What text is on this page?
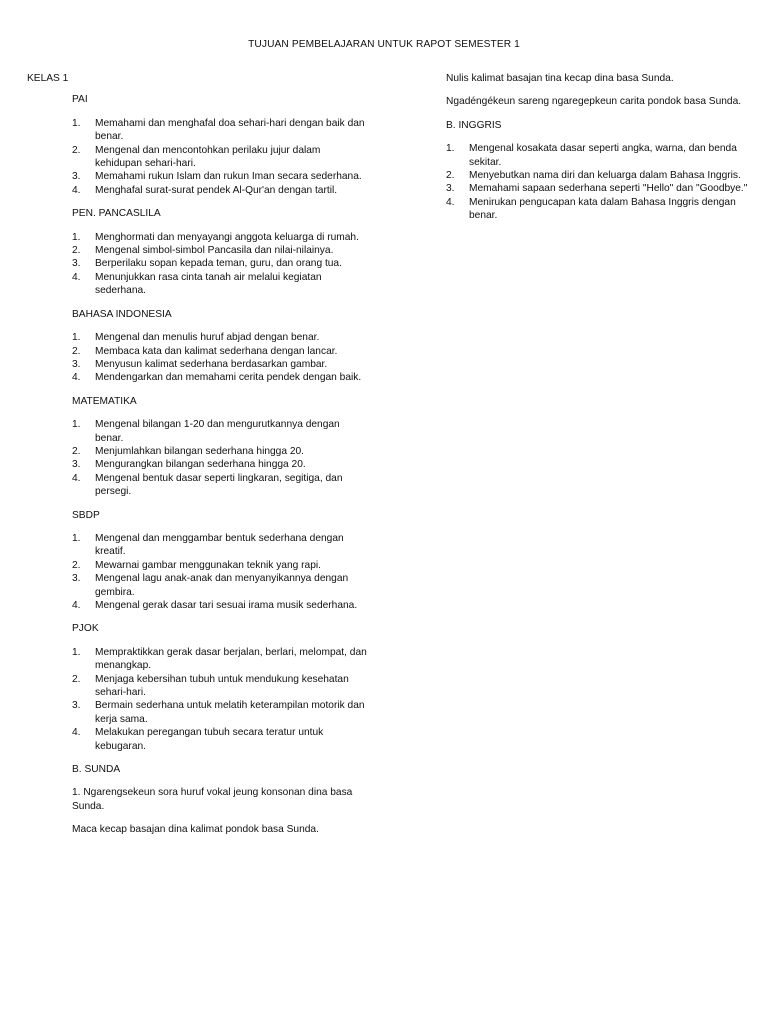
TUJUAN PEMBELAJARAN UNTUK RAPOT SEMESTER 1
KELAS 1
PAI
1. Memahami dan menghafal doa sehari-hari dengan baik dan benar.
2. Mengenal dan mencontohkan perilaku jujur dalam kehidupan sehari-hari.
3. Memahami rukun Islam dan rukun Iman secara sederhana.
4. Menghafal surat-surat pendek Al-Qur'an dengan tartil.
PEN. PANCASLILA
1. Menghormati dan menyayangi anggota keluarga di rumah.
2. Mengenal simbol-simbol Pancasila dan nilai-nilainya.
3. Berperilaku sopan kepada teman, guru, dan orang tua.
4. Menunjukkan rasa cinta tanah air melalui kegiatan sederhana.
BAHASA INDONESIA
1. Mengenal dan menulis huruf abjad dengan benar.
2. Membaca kata dan kalimat sederhana dengan lancar.
3. Menyusun kalimat sederhana berdasarkan gambar.
4. Mendengarkan dan memahami cerita pendek dengan baik.
MATEMATIKA
1. Mengenal bilangan 1-20 dan mengurutkannya dengan benar.
2. Menjumlahkan bilangan sederhana hingga 20.
3. Mengurangkan bilangan sederhana hingga 20.
4. Mengenal bentuk dasar seperti lingkaran, segitiga, dan persegi.
SBDP
1. Mengenal dan menggambar bentuk sederhana dengan kreatif.
2. Mewarnai gambar menggunakan teknik yang rapi.
3. Mengenal lagu anak-anak dan menyanyikannya dengan gembira.
4. Mengenal gerak dasar tari sesuai irama musik sederhana.
PJOK
1. Mempraktikkan gerak dasar berjalan, berlari, melompat, dan menangkap.
2. Menjaga kebersihan tubuh untuk mendukung kesehatan sehari-hari.
3. Bermain sederhana untuk melatih keterampilan motorik dan kerja sama.
4. Melakukan peregangan tubuh secara teratur untuk kebugaran.
B. SUNDA
1. Ngarengsekeun sora huruf vokal jeung konsonan dina basa Sunda.
Maca kecap basajan dina kalimat pondok basa Sunda.
Nulis kalimat basajan tina kecap dina basa Sunda.
Ngadéngékeun sareng ngaregepkeun carita pondok basa Sunda.
B. INGGRIS
1. Mengenal kosakata dasar seperti angka, warna, dan benda sekitar.
2. Menyebutkan nama diri dan keluarga dalam Bahasa Inggris.
3. Memahami sapaan sederhana seperti "Hello" dan "Goodbye."
4. Menirukan pengucapan kata dalam Bahasa Inggris dengan benar.
